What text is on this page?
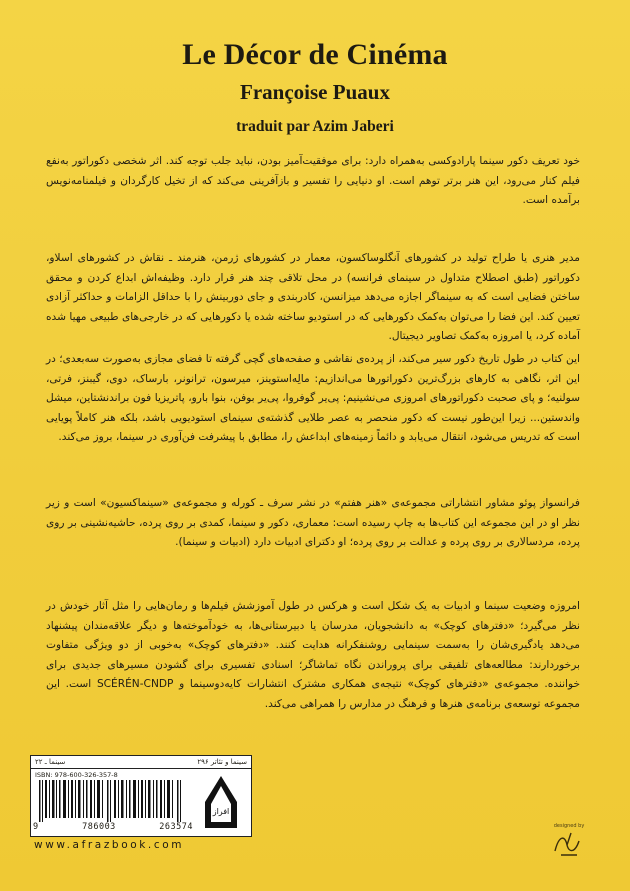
Le Décor de Cinéma
Françoise Puaux
traduit par Azim Jaberi
خود تعریف دکور سینما پارادوکسی به‌همراه دارد: برای موفقیت‌آمیز بودن، نباید جلب توجه کند. اثر شخصی دکوراتور به‌نفع فیلم کنار می‌رود، این هنر برتر توهم است. او دنیایی را تفسیر و بازآفرینی می‌کند که از تخیل کارگردان و فیلمنامه‌نویس برآمده است.
مدیر هنری یا طراح تولید در کشورهای آنگلوساکسون، معمار در کشورهای ژرمن، هنرمند ـ نقاش در کشورهای اسلاو، دکوراتور (طبق اصطلاح متداول در سینمای فرانسه) در محل تلاقی چند هنر قرار دارد. وظیفه‌اش ابداع کردن و محقق ساختن فضایی است که به سینماگر اجازه می‌دهد میزانسن، کادربندی و جای دوربینش را با حداقل الزامات و حداکثر آزادی تعیین کند. این فضا را می‌توان به‌کمک دکورهایی که در استودیو ساخته شده یا دکورهایی که در خارجی‌های طبیعی مهیا شده آماده کرد، یا امروزه به‌کمک تصاویر دیجیتال.
این کتاب در طول تاریخ دکور سیر می‌کند، از پرده‌ی نقاشی و صفحه‌های گچی گرفته تا فضای مجازی به‌صورت سه‌بعدی؛ در این اثر، نگاهی به کارهای بزرگ‌ترین دکوراتورها می‌اندازیم: مالِه‌استوینز، میرسون، ترانونر، بارساک، دوی، گیبنز، فرتی، سولنیه؛ و پای صحبت دکوراتورهای امروزی می‌نشینیم: پی‌یر گوفروا، پی‌یر بوفن، بنوا بارو، پاتریزیا فون براندنشتاین، میشل واندستین... زیرا این‌طور نیست که دکور منحصر به عصر طلایی گذشته‌ی سینمای استودیویی باشد، بلکه هنر کاملاً پویایی است که تدریس می‌شود، انتقال می‌یابد و دائماً زمینه‌های ابداعش را، مطابق با پیشرفت فن‌آوری در سینما، بروز می‌کند.
فرانسواز پوئو مشاور انتشاراتی مجموعه‌ی «هنر هفتم» در نشر سرف ـ کورله و مجموعه‌ی «سینماکسیون» است و زیر نظر او در این مجموعه این کتاب‌ها به چاپ رسیده است: معماری، دکور و سینما، کمدی بر روی پرده، حاشیه‌نشینی بر روی پرده، مردسالاری بر روی پرده و عدالت بر روی پرده؛ او دکترای ادبیات دارد (ادبیات و سینما).
امروزه وضعیت سینما و ادبیات به یک شکل است و هرکس در طول آموزشش فیلم‌ها و رمان‌هایی را مثل آثار خودش در نظر می‌گیرد؛ «دفترهای کوچک» به دانشجویان، مدرسان یا دبیرستانی‌ها، به خودآموخته‌ها و دیگر علاقه‌مندان پیشنهاد می‌دهد یادگیری‌شان را به‌سمت سینمایی روشنفکرانه هدایت کنند. «دفترهای کوچک» به‌خوبی از دو ویژگی متفاوت برخوردارند: مطالعه‌های تلفیقی برای پروراندن نگاه تماشاگر؛ اسنادی تفسیری برای گشودن مسیرهای جدیدی برای خواننده. مجموعه‌ی «دفترهای کوچک» نتیجه‌ی همکاری مشترک انتشارات کایه‌دوسینما و SCÉRÉN-CNDP است. این مجموعه توسعه‌ی برنامه‌ی هنرها و فرهنگ در مدارس را همراهی می‌کند.
سینما و تئاتر ۲۹۶
سینما ـ ۲۲
ISBN: 978-600-326-357-8
9	786003	263574
افراز
www.afrazbook.com
designed by
